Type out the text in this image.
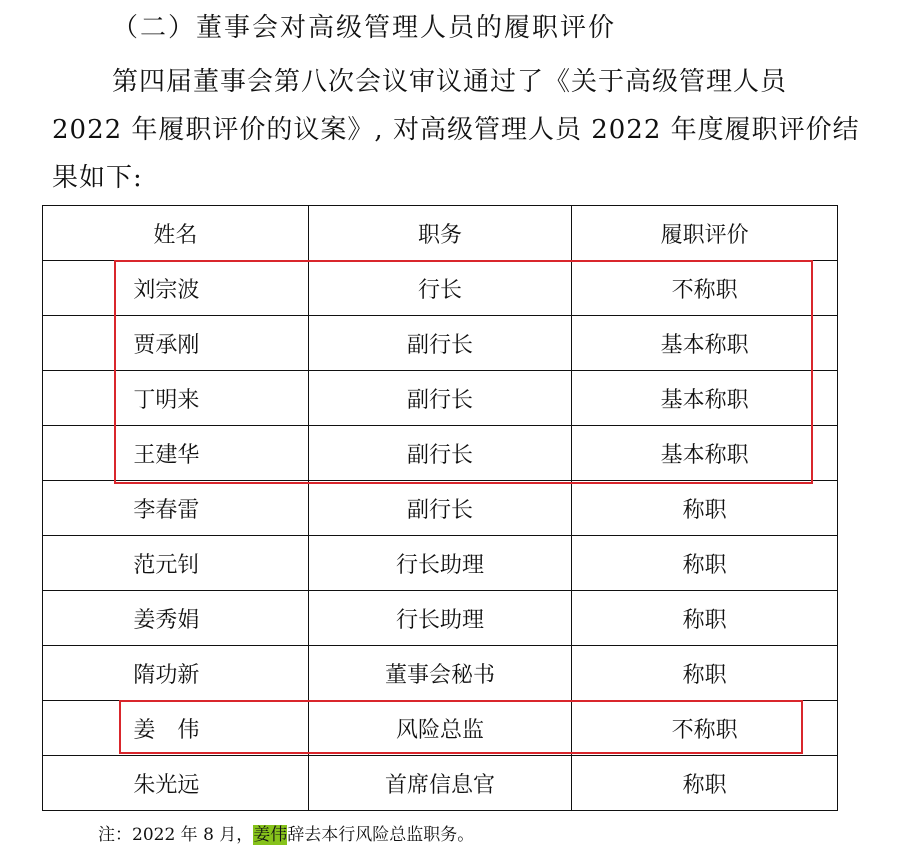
（二）董事会对高级管理人员的履职评价
第四届董事会第八次会议审议通过了《关于高级管理人员
2022 年履职评价的议案》, 对高级管理人员 2022 年度履职评价结
果如下:
姓名	职务	履职评价
刘宗波	行长	不称职
贾承刚	副行长	基本称职
丁明来	副行长	基本称职
王建华	副行长	基本称职
李春雷	副行长	称职
范元钊	行长助理	称职
姜秀娟	行长助理	称职
隋功新	董事会秘书	称职
姜　伟	风险总监	不称职
朱光远	首席信息官	称职
注：2022 年 8 月，姜伟辞去本行风险总监职务。
